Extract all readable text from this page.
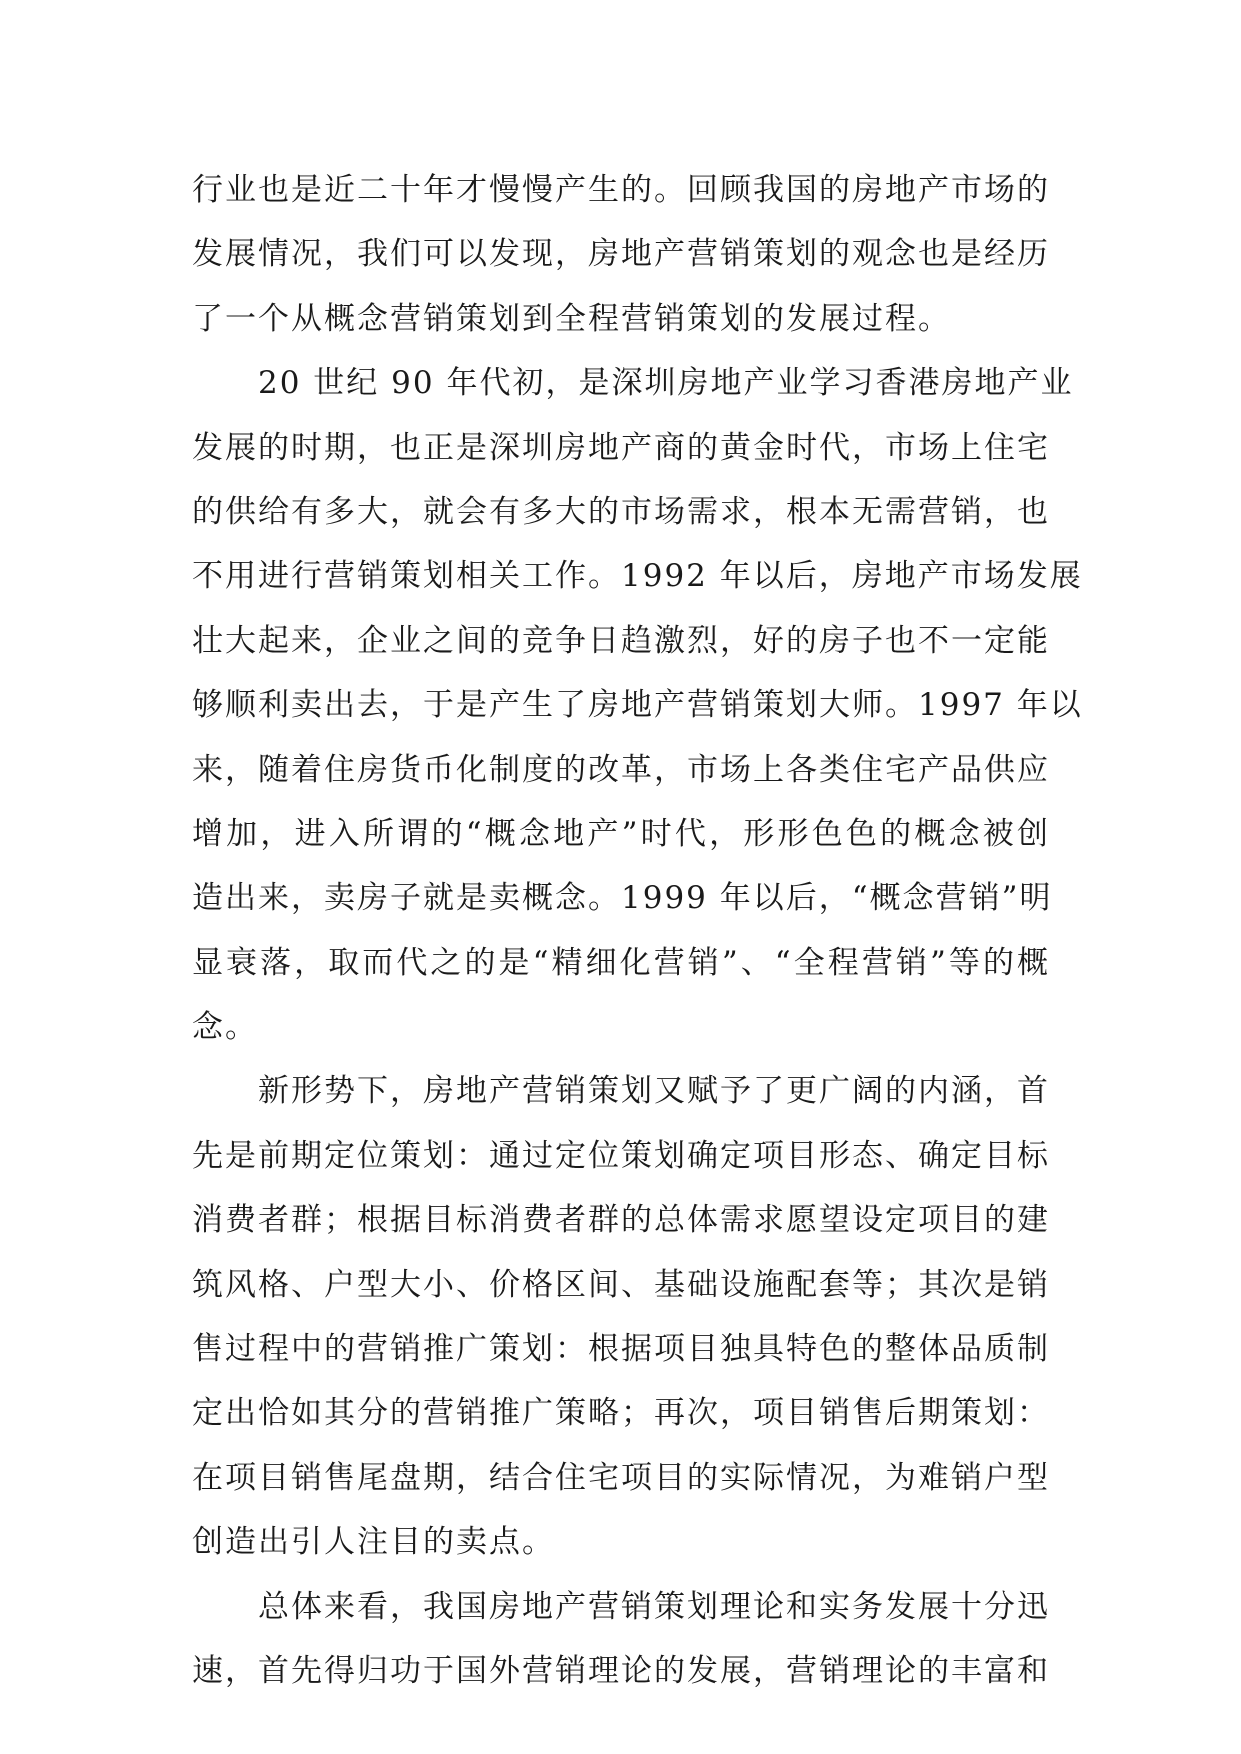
行业也是近二十年才慢慢产生的。回顾我国的房地产市场的
发展情况，我们可以发现，房地产营销策划的观念也是经历
了一个从概念营销策划到全程营销策划的发展过程。
　　20 世纪 90 年代初，是深圳房地产业学习香港房地产业
发展的时期，也正是深圳房地产商的黄金时代，市场上住宅
的供给有多大，就会有多大的市场需求，根本无需营销，也
不用进行营销策划相关工作。1992 年以后，房地产市场发展
壮大起来，企业之间的竞争日趋激烈，好的房子也不一定能
够顺利卖出去，于是产生了房地产营销策划大师。1997 年以
来，随着住房货币化制度的改革，市场上各类住宅产品供应
增加，进入所谓的“概念地产”时代，形形色色的概念被创
造出来，卖房子就是卖概念。1999 年以后，“概念营销”明
显衰落，取而代之的是“精细化营销”、“全程营销”等的概
念。
　　新形势下，房地产营销策划又赋予了更广阔的内涵，首
先是前期定位策划：通过定位策划确定项目形态、确定目标
消费者群；根据目标消费者群的总体需求愿望设定项目的建
筑风格、户型大小、价格区间、基础设施配套等；其次是销
售过程中的营销推广策划：根据项目独具特色的整体品质制
定出恰如其分的营销推广策略；再次，项目销售后期策划：
在项目销售尾盘期，结合住宅项目的实际情况，为难销户型
创造出引人注目的卖点。
　　总体来看，我国房地产营销策划理论和实务发展十分迅
速，首先得归功于国外营销理论的发展，营销理论的丰富和
